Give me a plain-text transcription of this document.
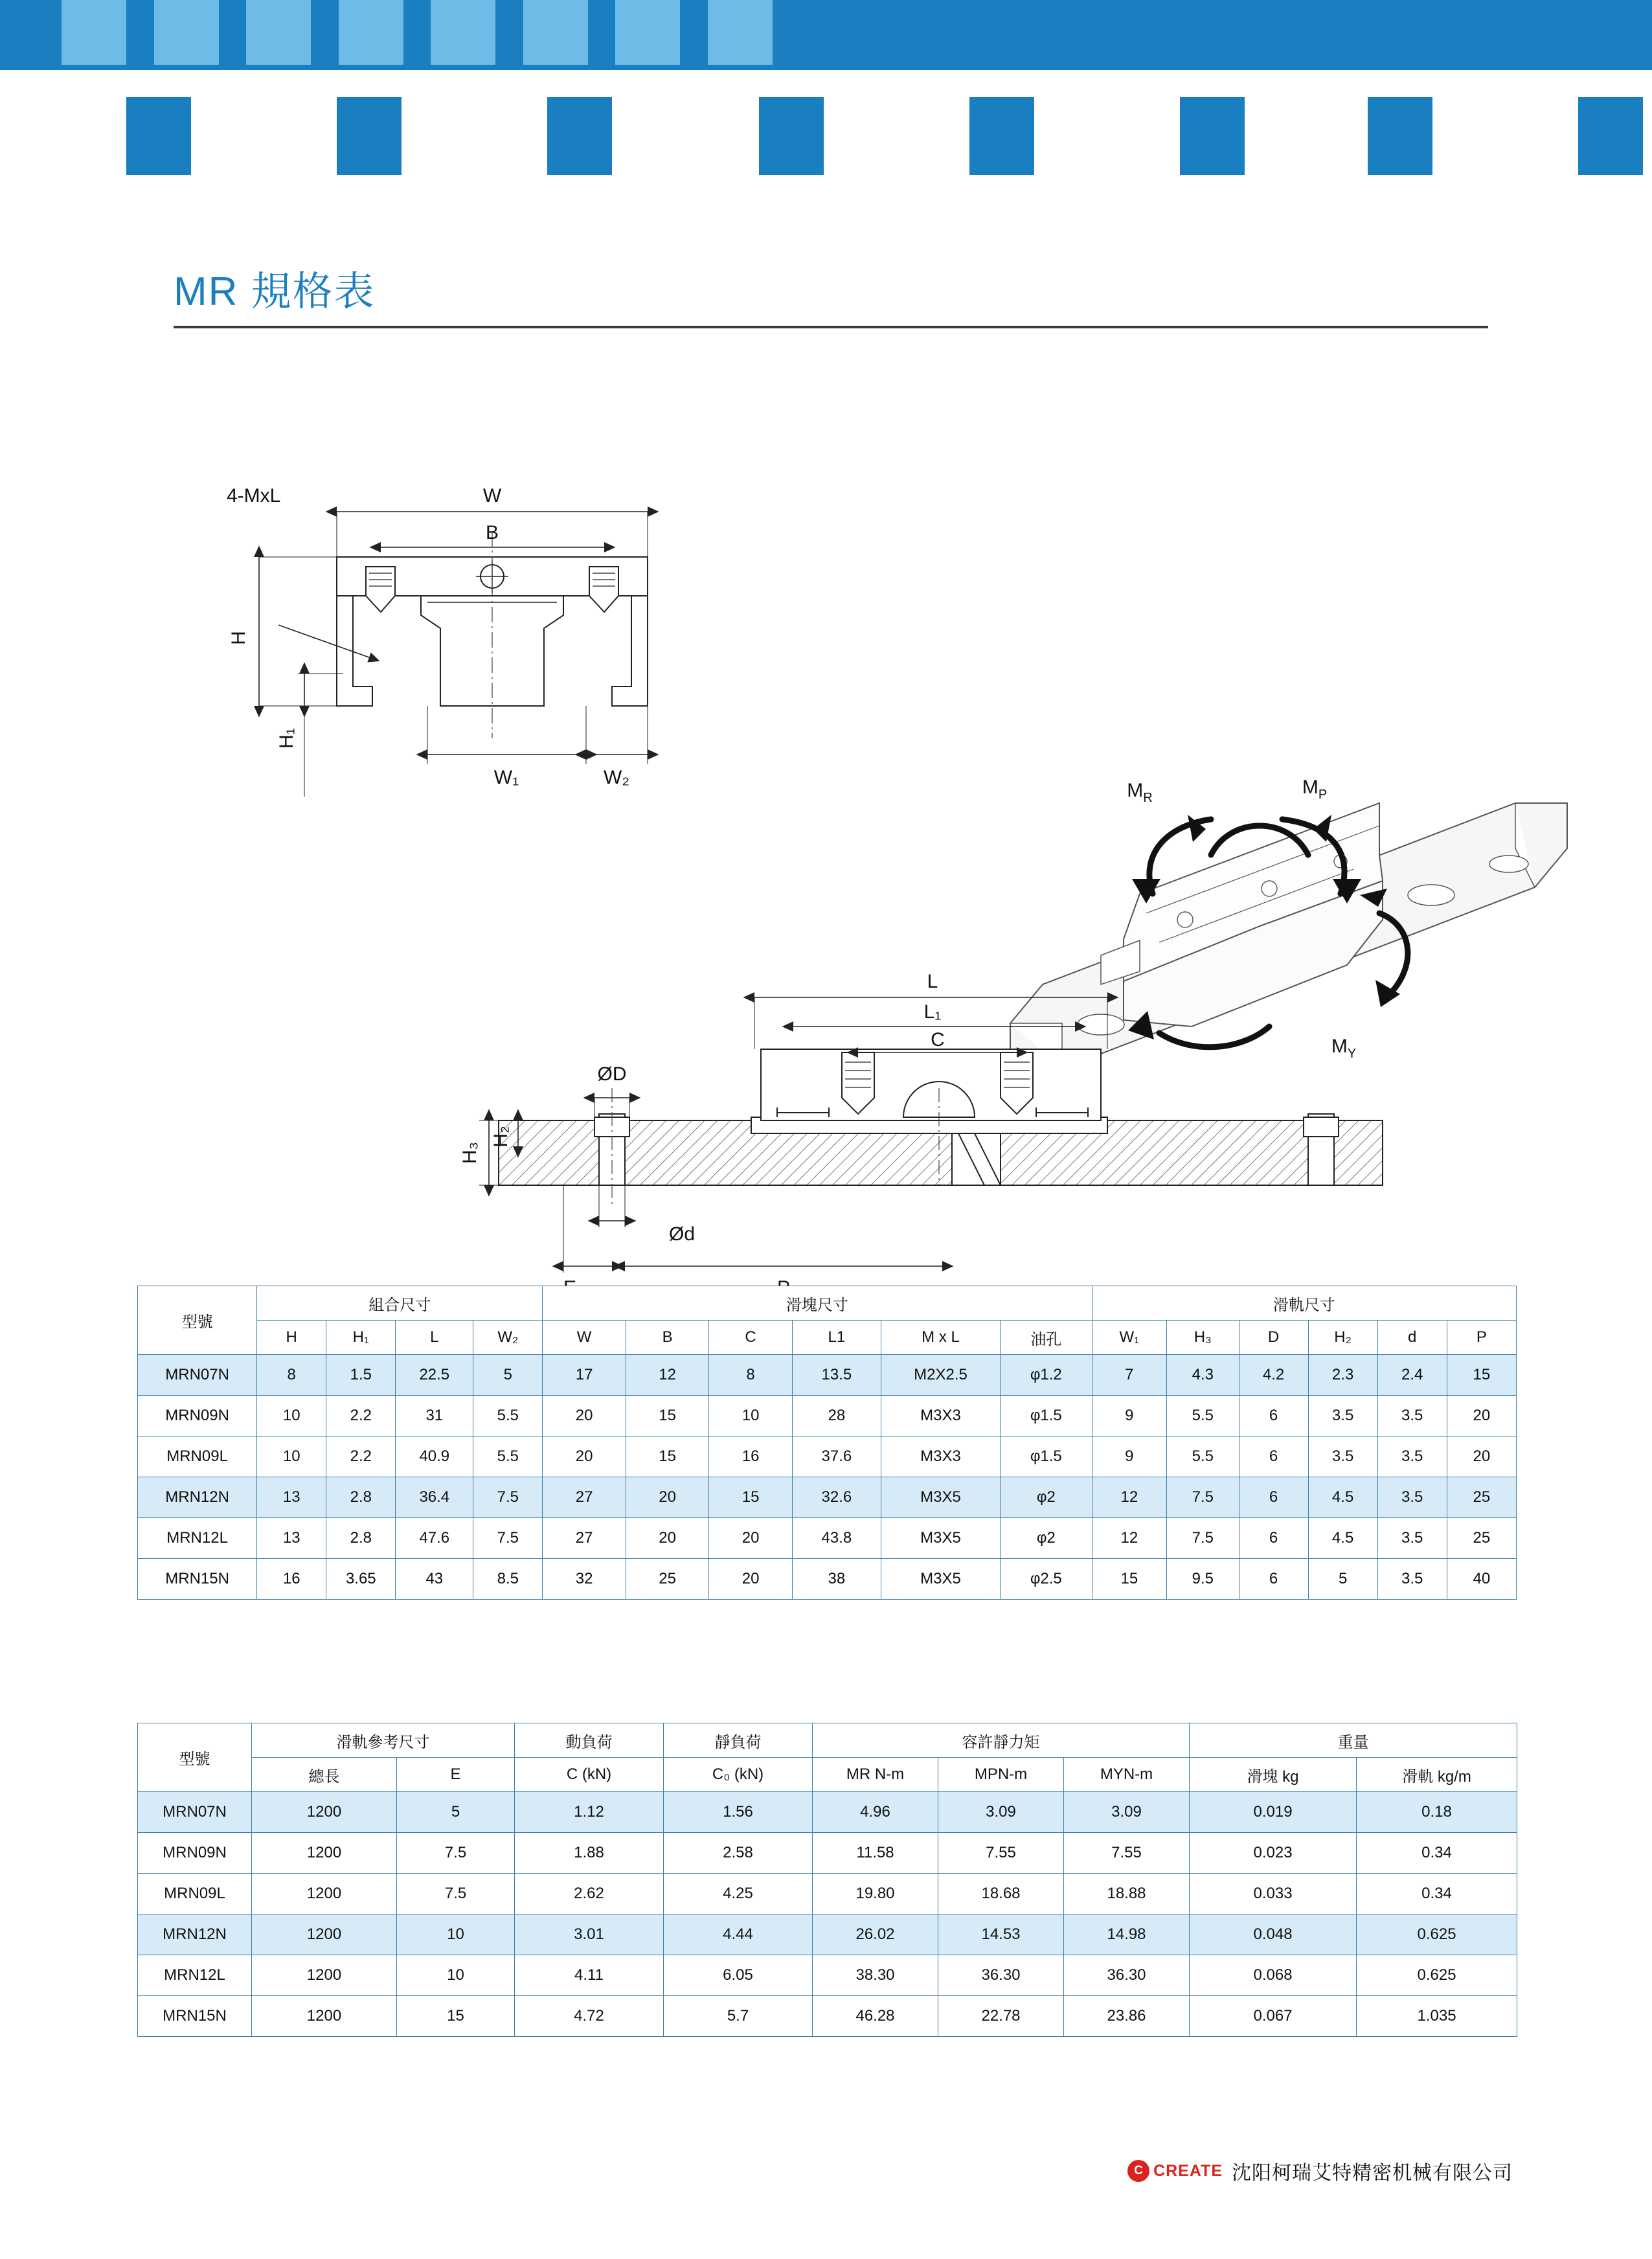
MR 規格表
W
B
H
H₁
W₁	W₂
4-MxL
$M_R$	$M_P$
$M_Y$
L
L₁
C
ØD
Ød
H₂
H₃
型號	組合尺寸				滑塊尺寸						滑軌尺寸					
	H	H₁	L	W₂	W	B	C	L1	M x L	油孔	W₁	H₃	D	H₂	d	P
MRN07N	8	1.5	22.5	5	17	12	8	13.5	M2X2.5	φ1.2	7	4.3	4.2	2.3	2.4	15
MRN09N	10	2.2	31	5.5	20	15	10	28	M3X3	φ1.5	9	5.5	6	3.5	3.5	20
MRN09L	10	2.2	40.9	5.5	20	15	16	37.6	M3X3	φ1.5	9	5.5	6	3.5	3.5	20
MRN12N	13	2.8	36.4	7.5	27	20	15	32.6	M3X5	φ2	12	7.5	6	4.5	3.5	25
MRN12L	13	2.8	47.6	7.5	27	20	20	43.8	M3X5	φ2	12	7.5	6	4.5	3.5	25
MRN15N	16	3.65	43	8.5	32	25	20	38	M3X5	φ2.5	15	9.5	6	5	3.5	40
型號	滑軌參考尺寸		動負荷	靜負荷	容許靜力矩			重量	
	總長	E	C (kN)	C₀ (kN)	MR N-m	MPN-m	MYN-m	滑塊 kg	滑軌 kg/m
MRN07N	1200	5	1.12	1.56	4.96	3.09	3.09	0.019	0.18
MRN09N	1200	7.5	1.88	2.58	11.58	7.55	7.55	0.023	0.34
MRN09L	1200	7.5	2.62	4.25	19.80	18.68	18.88	0.033	0.34
MRN12N	1200	10	3.01	4.44	26.02	14.53	14.98	0.048	0.625
MRN12L	1200	10	4.11	6.05	38.30	36.30	36.30	0.068	0.625
MRN15N	1200	15	4.72	5.7	46.28	22.78	23.86	0.067	1.035
C CREATE 沈阳柯瑞艾特精密机械有限公司
